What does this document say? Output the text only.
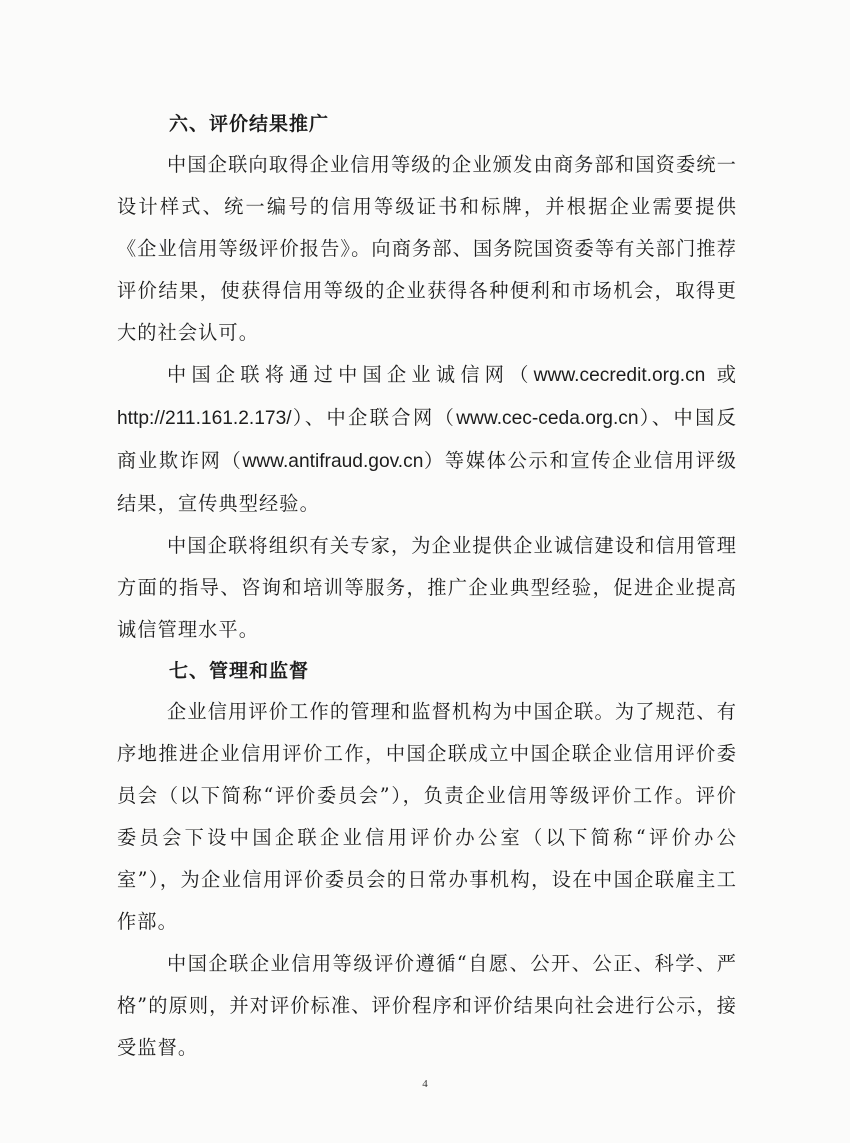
六、评价结果推广

中国企联向取得企业信用等级的企业颁发由商务部和国资委统一设计样式、统一编号的信用等级证书和标牌，并根据企业需要提供《企业信用等级评价报告》。向商务部、国务院国资委等有关部门推荐评价结果，使获得信用等级的企业获得各种便利和市场机会，取得更大的社会认可。

中国企联将通过中国企业诚信网（www.cecredit.org.cn 或 http://211.161.2.173/）、中企联合网（www.cec-ceda.org.cn）、中国反商业欺诈网（www.antifraud.gov.cn）等媒体公示和宣传企业信用评级结果，宣传典型经验。

中国企联将组织有关专家，为企业提供企业诚信建设和信用管理方面的指导、咨询和培训等服务，推广企业典型经验，促进企业提高诚信管理水平。

七、管理和监督

企业信用评价工作的管理和监督机构为中国企联。为了规范、有序地推进企业信用评价工作，中国企联成立中国企联企业信用评价委员会（以下简称“评价委员会”），负责企业信用等级评价工作。评价委员会下设中国企联企业信用评价办公室（以下简称“评价办公室”），为企业信用评价委员会的日常办事机构，设在中国企联雇主工作部。

中国企联企业信用等级评价遵循“自愿、公开、公正、科学、严格”的原则，并对评价标准、评价程序和评价结果向社会进行公示，接受监督。

4
